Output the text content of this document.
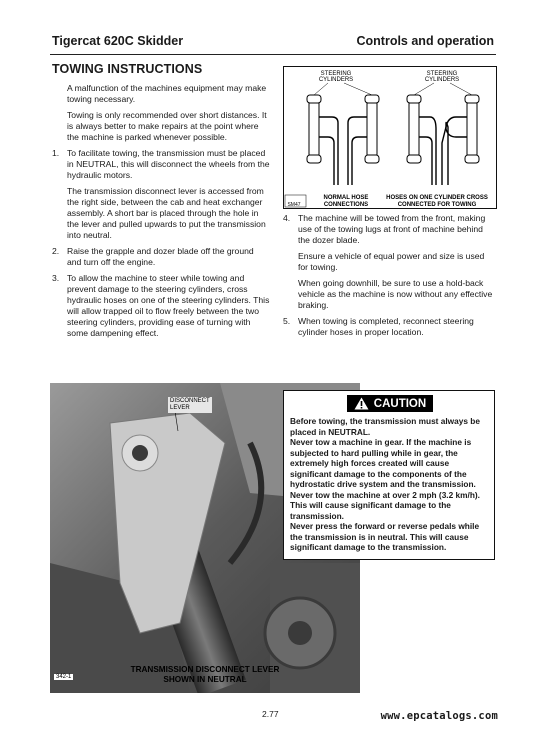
Tigercat 620C Skidder	Controls and operation
TOWING INSTRUCTIONS

A malfunction of the machines equipment may make towing necessary.

Towing is only recommended over short distances. It is always better to make repairs at the point where the machine is parked whenever possible.

1. To facilitate towing, the transmission must be placed in NEUTRAL, this will disconnect the wheels from the hydraulic motors.

The transmission disconnect lever is accessed from the right side, between the cab and heat exchanger assembly. A short bar is placed through the hole in the lever and pulled upwards to put the transmission into neutral.

2. Raise the grapple and dozer blade off the ground and turn off the engine.

3. To allow the machine to steer while towing and prevent damage to the steering cylinders, cross hydraulic hoses on one of the steering cylinders. This will allow trapped oil to flow freely between the two steering cylinders, providing ease of turning with some dampening effect.

STEERING
CYLINDERS
STEERING
CYLINDERS
NORMAL HOSE
CONNECTIONS
HOSES ON ONE CYLINDER CROSS
CONNECTED FOR TOWING
SM47
4. The machine will be towed from the front, making use of the towing lugs at front of machine behind the dozer blade.

Ensure a vehicle of equal power and size is used for towing.

When going downhill, be sure to use a hold-back vehicle as the machine is now without any effective braking.

5. When towing is completed, reconnect steering cylinder hoses in proper location.

DISCONNECT
LEVER
TRANSMISSION DISCONNECT LEVER
SHOWN IN NEUTRAL
342-1
CAUTION

Before towing, the transmission must always be placed in NEUTRAL.

Never tow a machine in gear. If the machine is subjected to hard pulling while in gear, the extremely high forces created will cause significant damage to the components of the hydrostatic drive system and the transmission.

Never tow the machine at over 2 mph (3.2 km/h). This will cause significant damage to the transmission.

Never press the forward or reverse pedals while the transmission is in neutral. This will cause significant damage to the transmission.

2.77	www.epcatalogs.com
